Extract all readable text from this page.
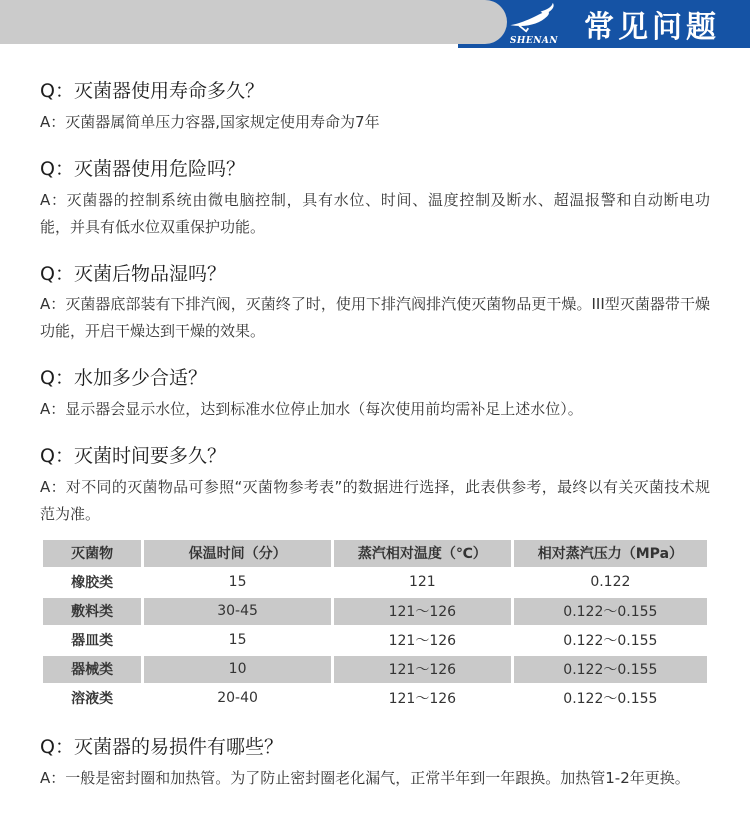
SHENAN 常见问题
Q：灭菌器使用寿命多久？

A：灭菌器属简单压力容器,国家规定使用寿命为7年

Q：灭菌器使用危险吗？

A：灭菌器的控制系统由微电脑控制，具有水位、时间、温度控制及断水、超温报警和自动断电功能，并具有低水位双重保护功能。

Q：灭菌后物品湿吗？

A：灭菌器底部装有下排汽阀，灭菌终了时，使用下排汽阀排汽使灭菌物品更干燥。III型灭菌器带干燥功能，开启干燥达到干燥的效果。

Q：水加多少合适？

A：显示器会显示水位，达到标准水位停止加水（每次使用前均需补足上述水位）。

Q：灭菌时间要多久？

A：对不同的灭菌物品可参照“灭菌物参考表”的数据进行选择，此表供参考，最终以有关灭菌技术规范为准。

灭菌物	保温时间（分）	蒸汽相对温度（℃）	相对蒸汽压力（MPa）
橡胶类	15	121	0.122
敷料类	30-45	121～126	0.122～0.155
器皿类	15	121～126	0.122～0.155
器械类	10	121～126	0.122～0.155
溶液类	20-40	121～126	0.122～0.155
Q：灭菌器的易损件有哪些？

A：一般是密封圈和加热管。为了防止密封圈老化漏气，正常半年到一年跟换。加热管1-2年更换。
